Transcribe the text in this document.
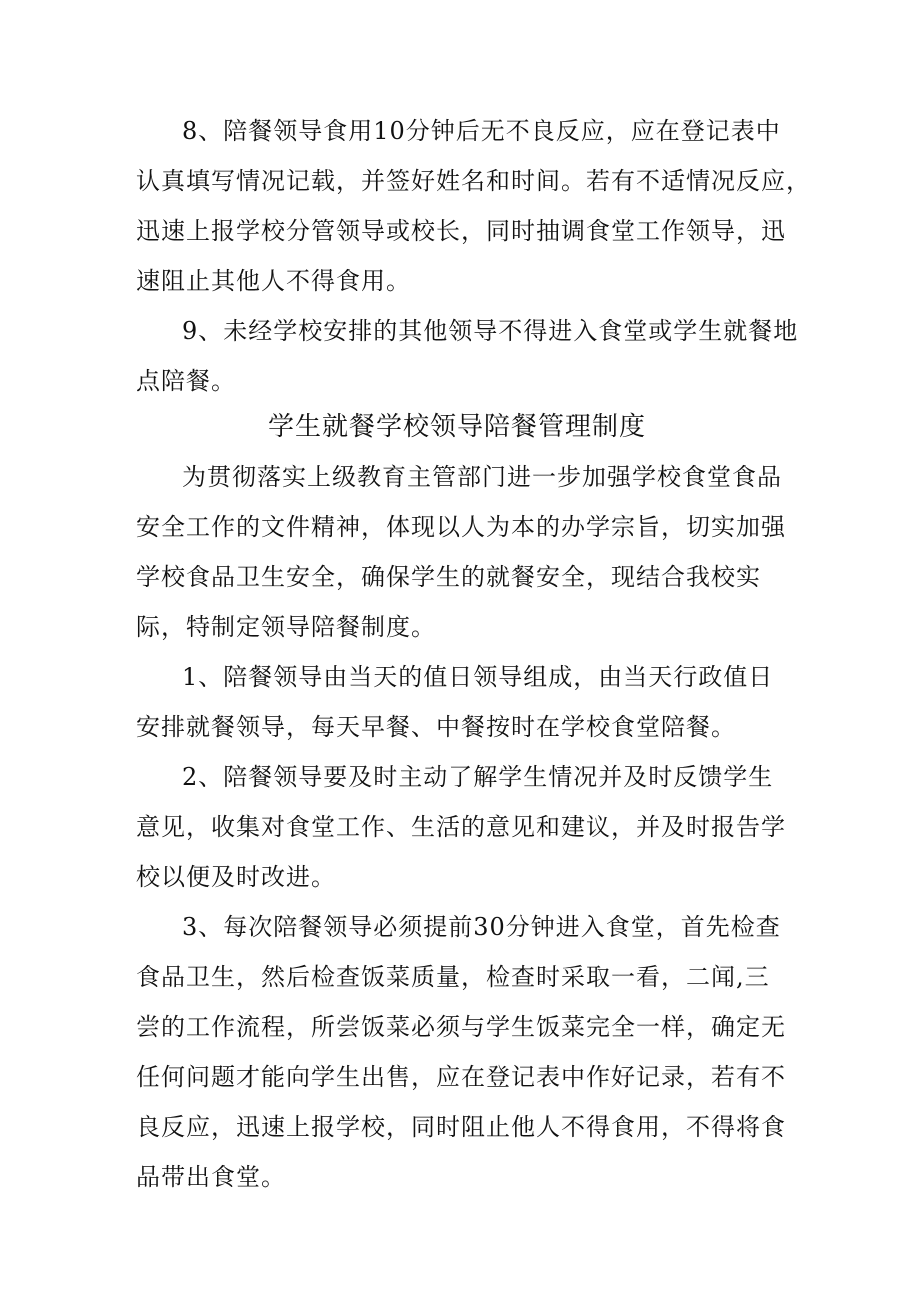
8、陪餐领导食用10分钟后无不良反应，应在登记表中
认真填写情况记载，并签好姓名和时间。若有不适情况反应，
迅速上报学校分管领导或校长，同时抽调食堂工作领导，迅
速阻止其他人不得食用。
9、未经学校安排的其他领导不得进入食堂或学生就餐地
点陪餐。
学生就餐学校领导陪餐管理制度
为贯彻落实上级教育主管部门进一步加强学校食堂食品
安全工作的文件精神，体现以人为本的办学宗旨，切实加强
学校食品卫生安全，确保学生的就餐安全，现结合我校实
际，特制定领导陪餐制度。
1、陪餐领导由当天的值日领导组成，由当天行政值日
安排就餐领导，每天早餐、中餐按时在学校食堂陪餐。
2、陪餐领导要及时主动了解学生情况并及时反馈学生
意见，收集对食堂工作、生活的意见和建议，并及时报告学
校以便及时改进。
3、每次陪餐领导必须提前30分钟进入食堂，首先检查
食品卫生，然后检查饭菜质量，检查时采取一看，二闻,三
尝的工作流程，所尝饭菜必须与学生饭菜完全一样，确定无
任何问题才能向学生出售，应在登记表中作好记录，若有不
良反应，迅速上报学校，同时阻止他人不得食用，不得将食
品带出食堂。
